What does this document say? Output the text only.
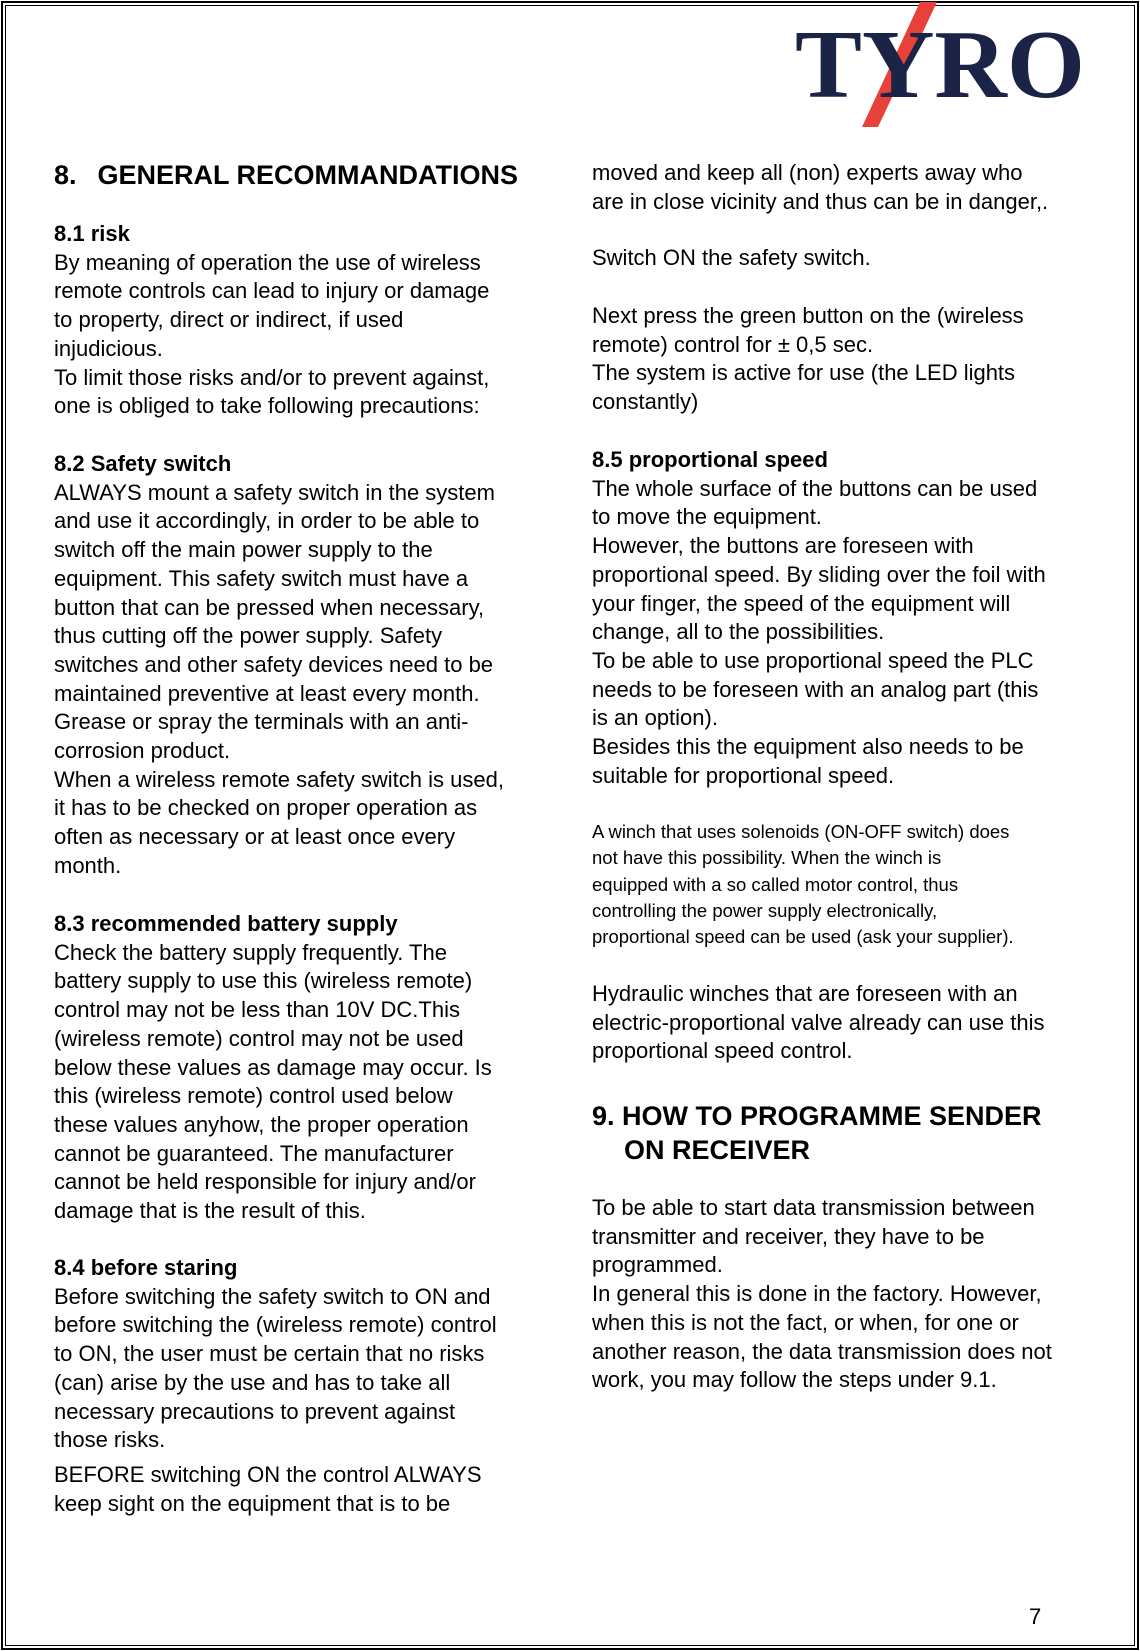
TYRO
8. GENERAL RECOMMANDATIONS
8.1 risk
By meaning of operation the use of wireless
remote controls can lead to injury or damage
to property, direct or indirect, if used
injudicious.
To limit those risks and/or to prevent against,
one is obliged to take following precautions:
8.2 Safety switch
ALWAYS mount a safety switch in the system
and use it accordingly, in order to be able to
switch off the main power supply to the
equipment. This safety switch must have a
button that can be pressed when necessary,
thus cutting off the power supply. Safety
switches and other safety devices need to be
maintained preventive at least every month.
Grease or spray the terminals with an anti-
corrosion product.
When a wireless remote safety switch is used,
it has to be checked on proper operation as
often as necessary or at least once every
month.
8.3 recommended battery supply
Check the battery supply frequently. The
battery supply to use this (wireless remote)
control may not be less than 10V DC.This
(wireless remote) control may not be used
below these values as damage may occur. Is
this (wireless remote) control used below
these values anyhow, the proper operation
cannot be guaranteed. The manufacturer
cannot be held responsible for injury and/or
damage that is the result of this.
8.4 before staring
Before switching the safety switch to ON and
before switching the (wireless remote) control
to ON, the user must be certain that no risks
(can) arise by the use and has to take all
necessary precautions to prevent against
those risks.
BEFORE switching ON the control ALWAYS
keep sight on the equipment that is to be
moved and keep all (non) experts away who
are in close vicinity and thus can be in danger,.
Switch ON the safety switch.
Next press the green button on the (wireless
remote) control for ± 0,5 sec.
The system is active for use (the LED lights
constantly)
8.5 proportional speed
The whole surface of the buttons can be used
to move the equipment.
However, the buttons are foreseen with
proportional speed. By sliding over the foil with
your finger, the speed of the equipment will
change, all to the possibilities.
To be able to use proportional speed the PLC
needs to be foreseen with an analog part (this
is an option).
Besides this the equipment also needs to be
suitable for proportional speed.
A winch that uses solenoids (ON-OFF switch) does
not have this possibility. When the winch is
equipped with a so called motor control, thus
controlling the power supply electronically,
proportional speed can be used (ask your supplier).
Hydraulic winches that are foreseen with an
electric-proportional valve already can use this
proportional speed control.
9. HOW TO PROGRAMME SENDER
ON RECEIVER
To be able to start data transmission between
transmitter and receiver, they have to be
programmed.
In general this is done in the factory. However,
when this is not the fact, or when, for one or
another reason, the data transmission does not
work, you may follow the steps under 9.1.
7
